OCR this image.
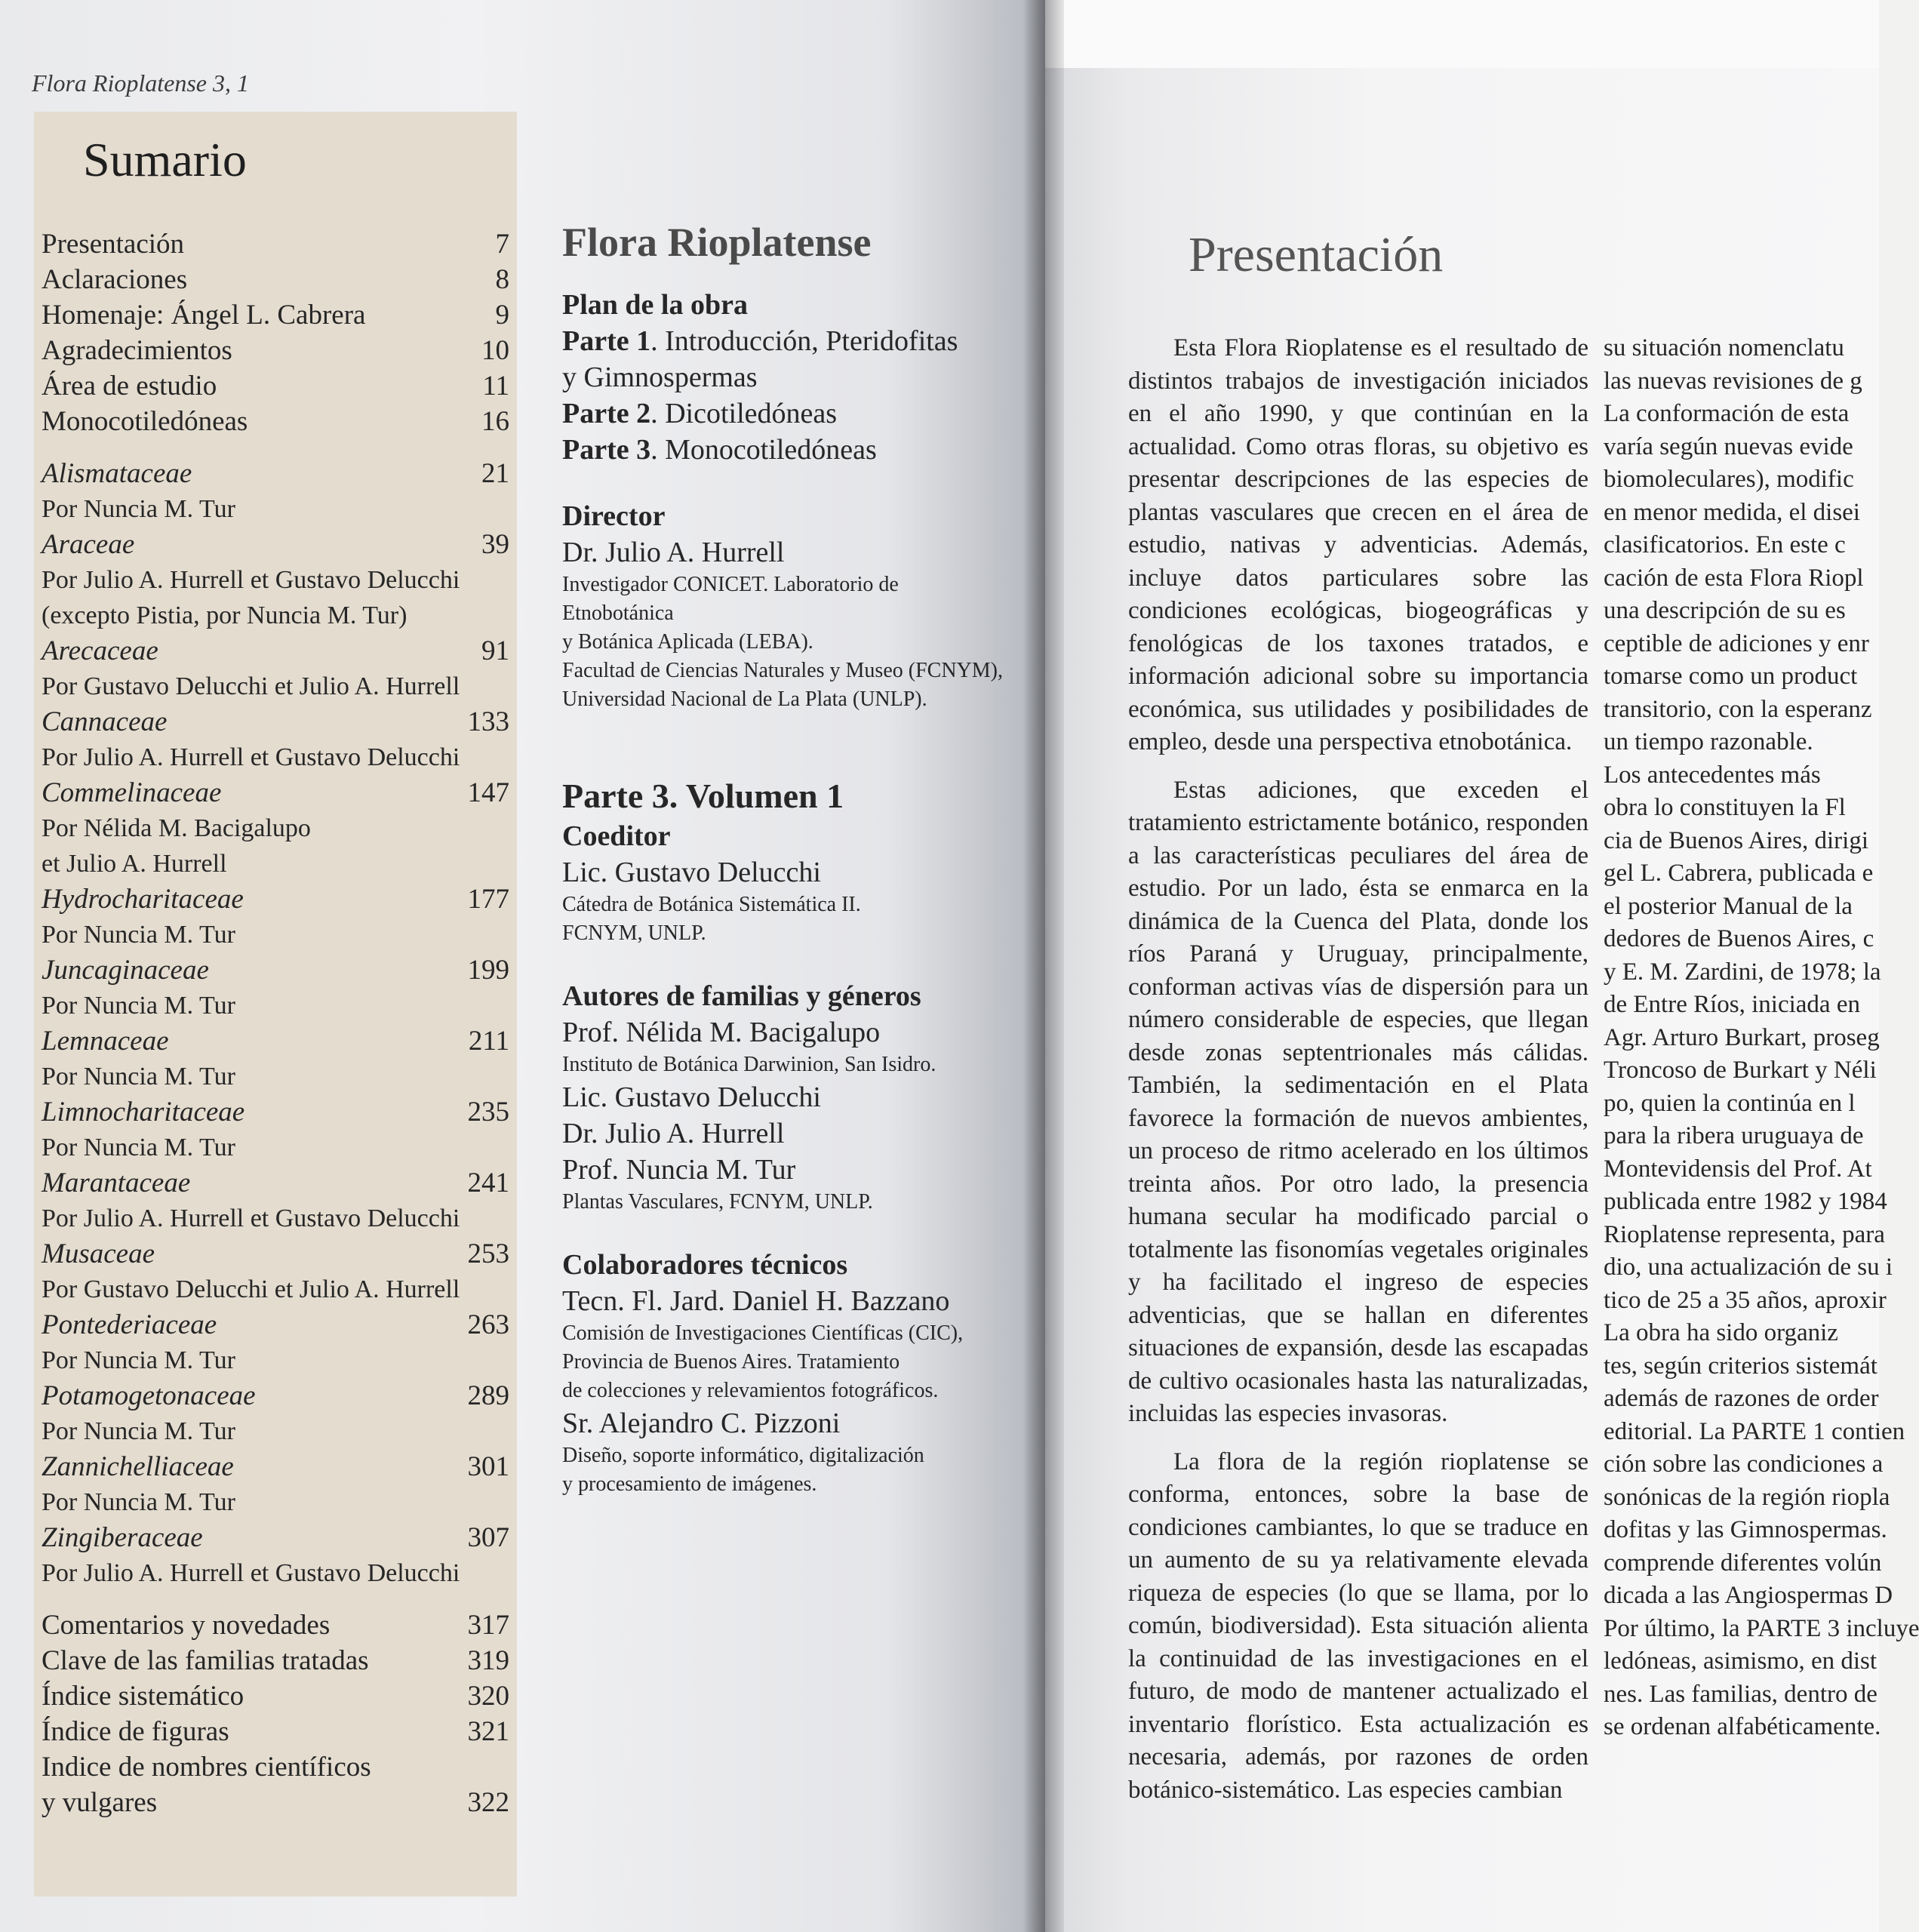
Flora Rioplatense 3, 1
Sumario
Presentación	7
Aclaraciones	8
Homenaje: Ángel L. Cabrera	9
Agradecimientos	10
Área de estudio	11
Monocotiledóneas	16
Alismataceae	21
Por Nuncia M. Tur
Araceae	39
Por Julio A. Hurrell et Gustavo Delucchi
(excepto Pistia, por Nuncia M. Tur)
Arecaceae	91
Por Gustavo Delucchi et Julio A. Hurrell
Cannaceae	133
Por Julio A. Hurrell et Gustavo Delucchi
Commelinaceae	147
Por Nélida M. Bacigalupo
et Julio A. Hurrell
Hydrocharitaceae	177
Por Nuncia M. Tur
Juncaginaceae	199
Por Nuncia M. Tur
Lemnaceae	211
Por Nuncia M. Tur
Limnocharitaceae	235
Por Nuncia M. Tur
Marantaceae	241
Por Julio A. Hurrell et Gustavo Delucchi
Musaceae	253
Por Gustavo Delucchi et Julio A. Hurrell
Pontederiaceae	263
Por Nuncia M. Tur
Potamogetonaceae	289
Por Nuncia M. Tur
Zannichelliaceae	301
Por Nuncia M. Tur
Zingiberaceae	307
Por Julio A. Hurrell et Gustavo Delucchi
Comentarios y novedades	317
Clave de las familias tratadas	319
Índice sistemático	320
Índice de figuras	321
Indice de nombres científicos
y vulgares	322
Flora Rioplatense
Plan de la obra
Parte 1. Introducción, Pteridofitas
y Gimnospermas
Parte 2. Dicotiledóneas
Parte 3. Monocotiledóneas
Director
Dr. Julio A. Hurrell
Investigador CONICET. Laboratorio de Etnobotánica
y Botánica Aplicada (LEBA).
Facultad de Ciencias Naturales y Museo (FCNYM),
Universidad Nacional de La Plata (UNLP).
Parte 3. Volumen 1
Coeditor
Lic. Gustavo Delucchi
Cátedra de Botánica Sistemática II.
FCNYM, UNLP.
Autores de familias y géneros
Prof. Nélida M. Bacigalupo
Instituto de Botánica Darwinion, San Isidro.
Lic. Gustavo Delucchi
Dr. Julio A. Hurrell
Prof. Nuncia M. Tur
Plantas Vasculares, FCNYM, UNLP.
Colaboradores técnicos
Tecn. Fl. Jard. Daniel H. Bazzano
Comisión de Investigaciones Científicas (CIC),
Provincia de Buenos Aires. Tratamiento
de colecciones y relevamientos fotográficos.
Sr. Alejandro C. Pizzoni
Diseño, soporte informático, digitalización
y procesamiento de imágenes.
Presentación

Esta Flora Rioplatense es el resultado de distintos trabajos de investigación iniciados en el año 1990, y que continúan en la actualidad. Como otras floras, su objetivo es presentar descripciones de las especies de plantas vasculares que crecen en el área de estudio, nativas y adventicias. Además, incluye datos particulares sobre las condiciones ecológicas, biogeográficas y fenológicas de los taxones tratados, e información adicional sobre su importancia económica, sus utilidades y posibilidades de empleo, desde una perspectiva etnobotánica.

Estas adiciones, que exceden el tratamiento estrictamente botánico, responden a las características peculiares del área de estudio. Por un lado, ésta se enmarca en la dinámica de la Cuenca del Plata, donde los ríos Paraná y Uruguay, principalmente, conforman activas vías de dispersión para un número considerable de especies, que llegan desde zonas septentrionales más cálidas. También, la sedimentación en el Plata favorece la formación de nuevos ambientes, un proceso de ritmo acelerado en los últimos treinta años. Por otro lado, la presencia humana secular ha modificado parcial o totalmente las fisonomías vegetales originales y ha facilitado el ingreso de especies adventicias, que se hallan en diferentes situaciones de expansión, desde las escapadas de cultivo ocasionales hasta las naturalizadas, incluidas las especies invasoras.

La flora de la región rioplatense se conforma, entonces, sobre la base de condiciones cambiantes, lo que se traduce en un aumento de su ya relativamente elevada riqueza de especies (lo que se llama, por lo común, biodiversidad). Esta situación alienta la continuidad de las investigaciones en el futuro, de modo de mantener actualizado el inventario florístico. Esta actualización es necesaria, además, por razones de orden botánico-sistemático. Las especies cambian

su situación nomenclatu
las nuevas revisiones de g
La conformación de esta
varía según nuevas evide
biomoleculares), modific
en menor medida, el disei
clasificatorios. En este c
cación de esta Flora Riopl
una descripción de su es
ceptible de adiciones y enr
tomarse como un product
transitorio, con la esperanz
un tiempo razonable.
Los antecedentes más
obra lo constituyen la Fl
cia de Buenos Aires, dirigi
gel L. Cabrera, publicada e
el posterior Manual de la
dedores de Buenos Aires, c
y E. M. Zardini, de 1978; la
de Entre Ríos, iniciada en
Agr. Arturo Burkart, proseg
Troncoso de Burkart y Néli
po, quien la continúa en l
para la ribera uruguaya de
Montevidensis del Prof. At
publicada entre 1982 y 1984
Rioplatense representa, para
dio, una actualización de su i
tico de 25 a 35 años, aproxir
La obra ha sido organiz
tes, según criterios sistemát
además de razones de order
editorial. La PARTE 1 contien
ción sobre las condiciones a
sonónicas de la región riopla
dofitas y las Gimnospermas.
comprende diferentes volún
dicada a las Angiospermas D
Por último, la PARTE 3 incluye
ledóneas, asimismo, en dist
nes. Las familias, dentro de
se ordenan alfabéticamente.
